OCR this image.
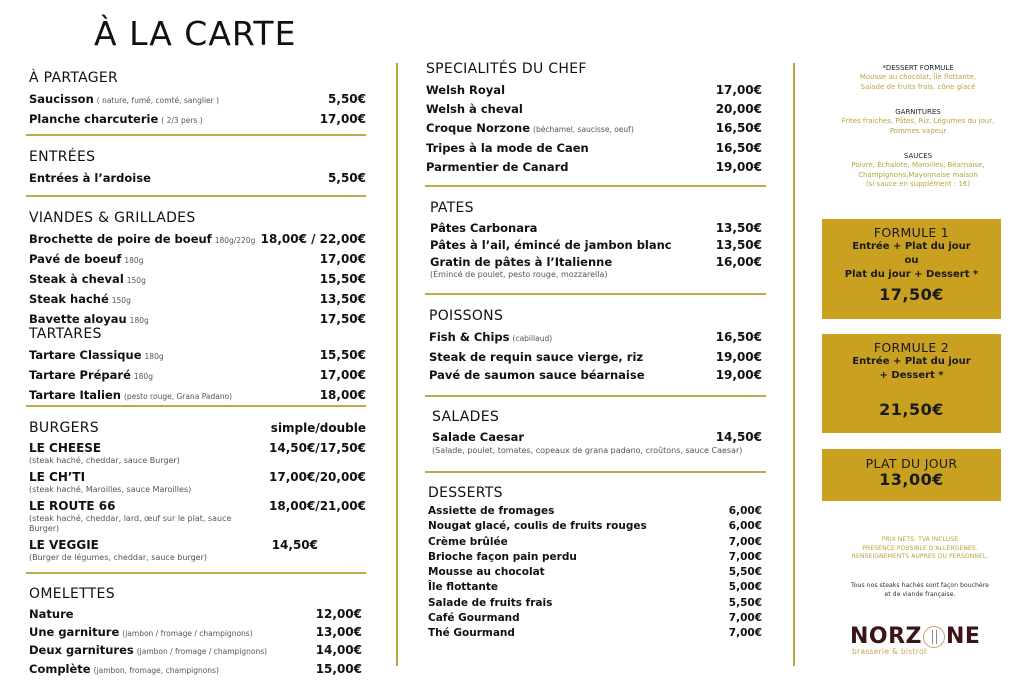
À LA CARTE
À PARTAGER
Saucisson ( nature, fumé, comté, sanglier )	5,50€
Planche charcuterie ( 2/3 pers )	17,00€
ENTRÉES
Entrées à l’ardoise	5,50€
VIANDES & GRILLADES
Brochette de poire de boeuf 180g/220g 18,00€ / 22,00€
Pavé de boeuf 180g	17,00€
Steak à cheval 150g	15,50€
Steak haché 150g	13,50€
Bavette aloyau 180g	17,50€
TARTARES
Tartare Classique 180g	15,50€
Tartare Préparé 180g	17,00€
Tartare Italien (pesto rouge, Grana Padano)	18,00€
BURGERS	simple/double
LE CHEESE	14,50€/17,50€
(steak haché, cheddar, sauce Burger)
LE CH’TI	17,00€/20,00€
(steak haché, Maroilles, sauce Maroilles)
LE ROUTE 66	18,00€/21,00€
(steak haché, cheddar, lard, œuf sur le plat, sauce Burger)
LE VEGGIE	14,50€
(Burger de légumes, cheddar, sauce burger)
OMELETTES
Nature	12,00€
Une garniture (jambon / fromage / champignons)	13,00€
Deux garnitures (jambon / fromage / champignons)	14,00€
Complète (jambon, fromage, champignons)	15,00€
SPECIALITÉS DU CHEF
Welsh Royal	17,00€
Welsh à cheval	20,00€
Croque Norzone (béchamel, saucisse, oeuf)	16,50€
Tripes à la mode de Caen	16,50€
Parmentier de Canard	19,00€
PATES
Pâtes Carbonara	13,50€
Pâtes à l’ail, émincé de jambon blanc	13,50€
Gratin de pâtes à l’Italienne	16,00€
(Émincé de poulet, pesto rouge, mozzarella)
POISSONS
Fish & Chips (cabillaud)	16,50€
Steak de requin sauce vierge, riz	19,00€
Pavé de saumon sauce béarnaise	19,00€
SALADES
Salade Caesar	14,50€
(Salade, poulet, tomates, copeaux de grana padano, croûtons, sauce Caesar)
DESSERTS
Assiette de fromages	6,00€
Nougat glacé, coulis de fruits rouges	6,00€
Crème brûlée	7,00€
Brioche façon pain perdu	7,00€
Mousse au chocolat	5,50€
Île flottante	5,00€
Salade de fruits frais	5,50€
Café Gourmand	7,00€
Thé Gourmand	7,00€
*DESSERT FORMULE
Mousse au chocolat, île flottante,
Salade de fruits frais, cône glacé
GARNITURES
Frites fraiches, Pâtes, Riz, Légumes du jour,
Pommes vapeur
SAUCES
Poivre, Échalote, Maroilles, Béarnaise,
Champignons,Mayonnaise maison
(si sauce en supplément : 1€)
FORMULE 1
Entrée + Plat du jour
ou
Plat du jour + Dessert *
17,50€
FORMULE 2
Entrée + Plat du jour
+ Dessert *
21,50€
PLAT DU JOUR
13,00€
PRIX NETS. TVA INCLUSE
PRESENCE POSSIBLE D'ALLERGENES.
RENSEIGNEMENTS AUPRES DU PERSONNEL.
Tous nos steaks hachés sont façon bouchère
et de viande française.
NORZ NE
brasserie & bistrot
